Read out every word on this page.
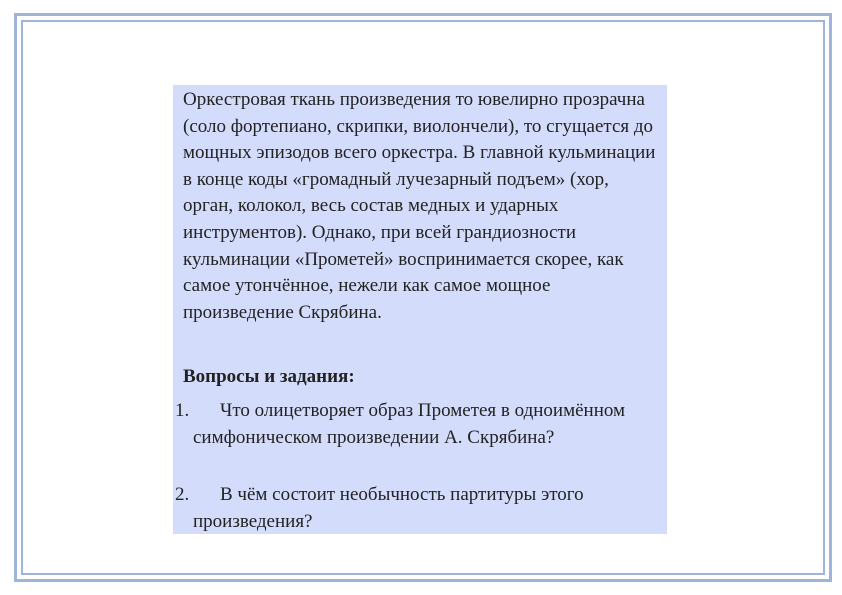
Оркестровая ткань произведения то ювелирно прозрачна (соло фортепиано, скрипки, виолончели), то сгущается до мощных эпизодов всего оркестра. В главной кульминации в конце коды «громадный лучезарный подъем» (хор, орган, колокол, весь состав медных и ударных инструментов). Однако, при всей грандиозности кульминации «Прометей» воспринимается скорее, как самое утончённое, нежели как самое мощное произведение Скрябина.

Вопросы и задания:
1.	Что олицетворяет образ Прометея в одноимённом симфоническом произведении А. Скрябина?
2.	В чём состоит необычность партитуры этого произведения?
